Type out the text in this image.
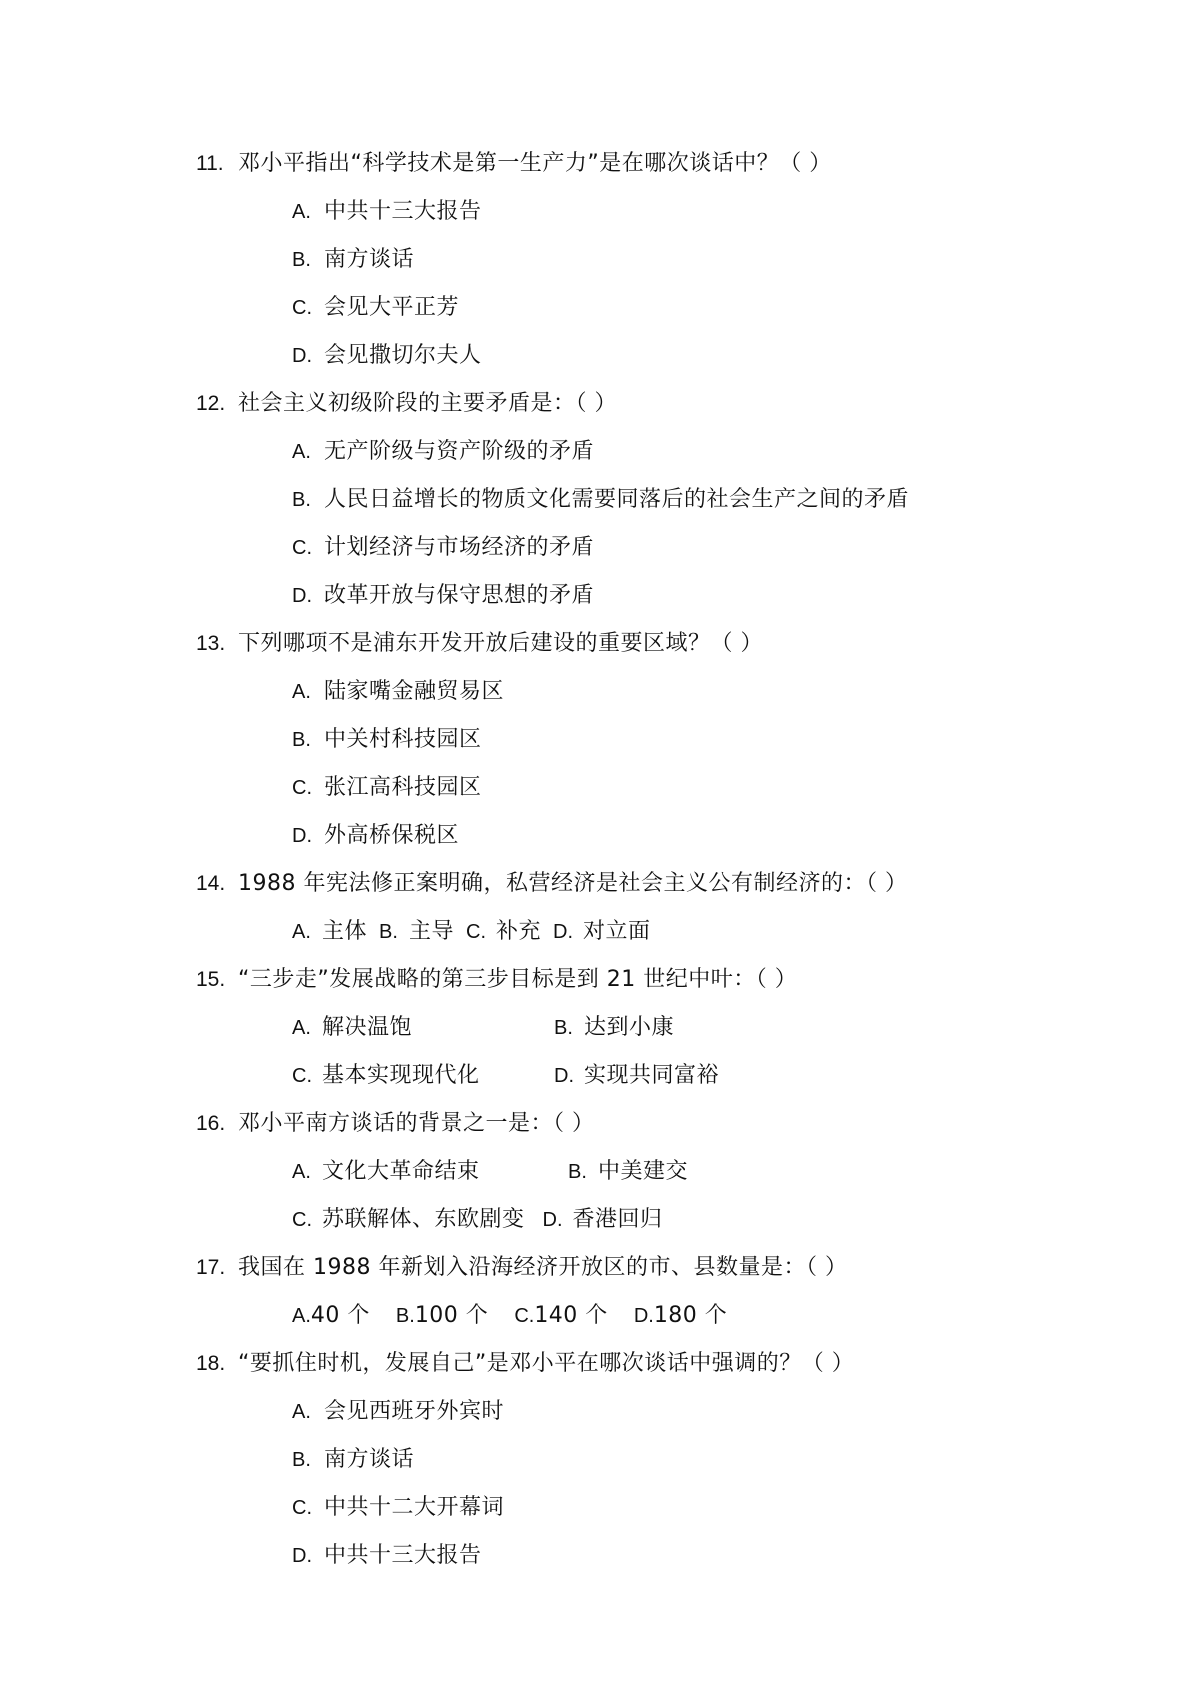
11. 邓小平指出“科学技术是第一生产力”是在哪次谈话中？（ ）
A. 中共十三大报告
B. 南方谈话
C. 会见大平正芳
D. 会见撒切尔夫人
12. 社会主义初级阶段的主要矛盾是：（ ）
A. 无产阶级与资产阶级的矛盾
B. 人民日益增长的物质文化需要同落后的社会生产之间的矛盾
C. 计划经济与市场经济的矛盾
D. 改革开放与保守思想的矛盾
13. 下列哪项不是浦东开发开放后建设的重要区域？（ ）
A. 陆家嘴金融贸易区
B. 中关村科技园区
C. 张江高科技园区
D. 外高桥保税区
14. 1988 年宪法修正案明确，私营经济是社会主义公有制经济的：（ ）
A. 主体 B. 主导 C. 补充 D. 对立面
15. “三步走”发展战略的第三步目标是到 21 世纪中叶：（ ）
A. 解决温饱	B. 达到小康
C. 基本实现现代化	D. 实现共同富裕
16. 邓小平南方谈话的背景之一是：（ ）
A. 文化大革命结束	B. 中美建交
C. 苏联解体、东欧剧变 D. 香港回归
17. 我国在 1988 年新划入沿海经济开放区的市、县数量是：（ ）
A. 40 个 B. 100 个 C. 140 个 D. 180 个
18. “要抓住时机，发展自己”是邓小平在哪次谈话中强调的？（ ）
A. 会见西班牙外宾时
B. 南方谈话
C. 中共十二大开幕词
D. 中共十三大报告
